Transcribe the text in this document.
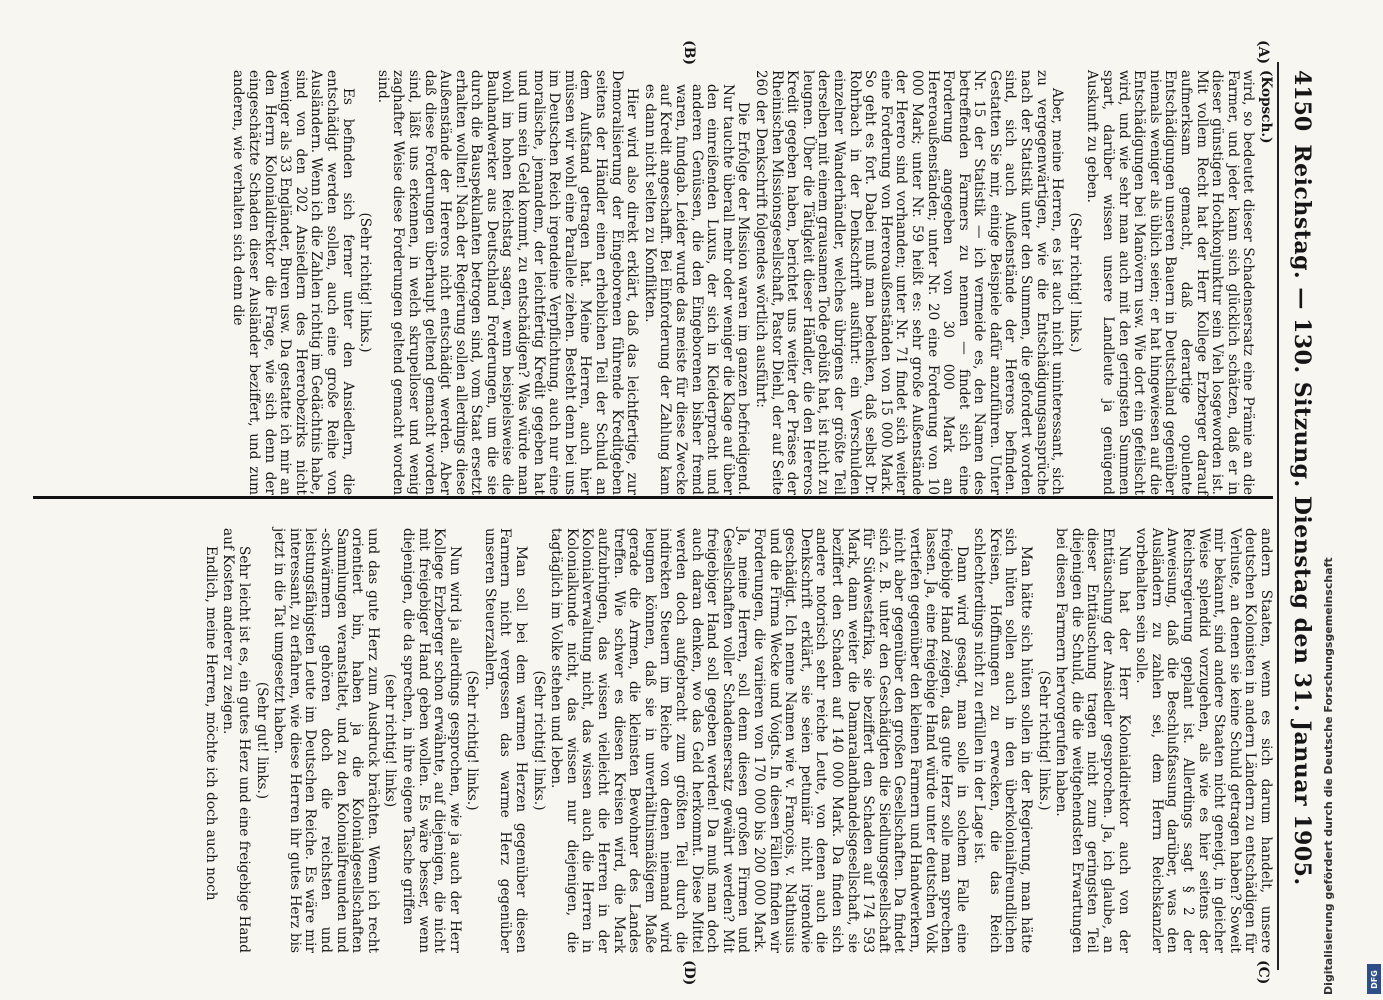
4150
Reichstag. — 130. Sitzung. Dienstag den 31. Januar 1905.
(A)
(B)
(C)
(D)

(Kopsch.)

wird, so bedeutet dieser Schadensersatz eine Prämie an die Farmer, und jeder kann sich glücklich schätzen, daß er in dieser günstigen Hochkonjunktur sein Vieh losgeworden ist. Mit vollem Recht hat der Herr Kollege Erzberger darauf aufmerksam gemacht, daß derartige opulente Entschädigungen unseren Bauern in Deutschland gegenüber niemals weniger als üblich seien; er hat hingewiesen auf die Entschädigungen bei Manövern usw. Wie dort ein gefeilscht wird, und wie sehr man auch mit den geringsten Summen spart, darüber wissen unsere Landleute ja genügend Auskunft zu geben.

(Sehr richtig! links.)

Aber, meine Herren, es ist auch nicht uninteressant, sich zu vergegenwärtigen, wie die Entschädigungsansprüche nach der Statistik unter den Summen, die gefordert worden sind, sich auch Außenstände der Hereros befinden. Gestatten Sie mir, einige Beispiele dafür anzuführen. Unter Nr. 15 der Statistik — ich vermeide es, den Namen des betreffenden Farmers zu nennen — findet sich eine Forderung angegeben von 30 000 Mark an Hereroaußenständen; unter Nr. 20 eine Forderung von 10 000 Mark; unter Nr. 59 heißt es: sehr große Außenstände der Herero sind vorhanden; unter Nr. 71 findet sich weiter eine Forderung von Hereroaußenständen von 15 000 Mark. So geht es fort. Dabei muß man bedenken, daß selbst Dr. Rohrbach in der Denkschrift ausführt: ein Verschulden einzelner Wanderhändler, welches übrigens der größte Teil derselben mit einem grausamen Tode gebüßt hat, ist nicht zu leugnen. Über die Tätigkeit dieser Händler, die den Hereros Kredit gegeben haben, berichtet uns weiter der Präses der Rheinischen Missionsgesellschaft, Pastor Diehl, der auf Seite 260 der Denkschrift folgendes wörtlich ausführt:

Die Erfolge der Mission waren im ganzen befriedigend. Nur tauchte überall mehr oder weniger die Klage auf über den einreißenden Luxus, der sich in Kleiderpracht und anderen Genüssen, die den Eingeborenen bisher fremd waren, fundgab. Leider wurde das meiste für diese Zwecke auf Kredit angeschafft. Bei Einforderung der Zahlung kam es dann nicht selten zu Konflikten.

Hier wird also direkt erklärt, daß das leichtfertige, zur Demoralisierung der Eingeborenen führende Kreditgeben seitens der Händler einen erheblichen Teil der Schuld an dem Aufstand getragen hat. Meine Herren, auch hier müssen wir wohl eine Parallele ziehen. Besteht denn bei uns im Deutschen Reich irgendeine Verpflichtung, auch nur eine moralische, jemandem, der leichtfertig Kredit gegeben hat und um sein Geld kommt, zu entschädigen? Was würde man wohl im hohen Reichstag sagen, wenn beispielsweise die Bauhandwerker aus Deutschland Forderungen, um die sie durch die Bauspekulanten betrogen sind, vom Staat ersetzt erhalten wollten! Nach der Regierung sollen allerdings diese Außenstände der Hereros nicht entschädigt werden. Aber daß diese Forderungen überhaupt geltend gemacht worden sind, läßt uns erkennen, in welch skrupelloser und wenig zaghafter Weise diese Forderungen geltend gemacht worden sind.

(Sehr richtig! links.)

Es befinden sich ferner unter den Ansiedlern, die entschädigt werden sollen, auch eine große Reihe von Ausländern. Wenn ich die Zahlen richtig im Gedächtnis habe, sind von den 202 Ansiedlern des Hererobezirks nicht weniger als 33 Engländer, Buren usw. Da gestatte ich mir an den Herrn Kolonialdirektor die Frage, wie sich denn der eingeschätzte Schaden dieser Ausländer beziffert, und zum anderen, wie verhalten sich denn die

andern Staaten, wenn es sich darum handelt, unsere deutschen Kolonisten in andern Ländern zu entschädigen für Verluste, an denen sie keine Schuld getragen haben? Soweit mir bekannt, sind andere Staaten nicht geneigt, in gleicher Weise splendid vorzugehen, als wie es hier seitens der Reichsregierung geplant ist. Allerdings sagt § 2 der Anweisung, daß die Beschlußfassung darüber, was den Ausländern zu zahlen sei, dem Herrn Reichskanzler vorbehalten sein solle.

Nun hat der Herr Kolonialdirektor auch von der Enttäuschung der Ansiedler gesprochen. Ja, ich glaube, an dieser Enttäuschung tragen nicht zum geringsten Teil diejenigen die Schuld, die die weitgehendsten Erwartungen bei diesen Farmern hervorgerufen haben.

(Sehr richtig! links.)

Man hätte sich hüten sollen in der Regierung, man hätte sich hüten sollen auch in den überkolonialfreundlichen Kreisen, Hoffnungen zu erwecken, die das Reich schlechterdings nicht zu erfüllen in der Lage ist.

Dann wird gesagt, man solle in solchem Falle eine freigebige Hand zeigen, das gute Herz solle man sprechen lassen. Ja, eine freigebige Hand würde unter deutschen Volk vertiefen gegenüber den kleinen Farmern und Handwerkern, nicht aber gegenüber den großen Gesellschaften. Da findet sich z. B. unter den Geschädigten die Siedlungsgesellschaft für Südwestafrika, sie beziffert den Schaden auf 174 593 Mark, dann weiter die Damaralandhandelsgesellschaft, sie beziffert den Schaden auf 140 000 Mark. Da finden sich andere notorisch sehr reiche Leute, von denen auch die Denkschrift erklärt, sie seien petuniär nicht irgendwie geschädigt. Ich nenne Namen wie v. François, v. Nathusius und die Firma Wecke und Voigts. In diesen Fällen finden wir Forderungen, die variieren von 170 000 bis 200 000 Mark. Ja, meine Herren, soll denn diesen großen Firmen und Gesellschaften voller Schadensersatz gewährt werden? Mit freigebiger Hand soll gegeben werden! Da muß man doch auch daran denken, wo das Geld herkommt. Diese Mittel werden doch aufgebracht zum größten Teil durch die indirekten Steuern im Reiche von denen niemand wird leugnen können, daß sie in unverhältnismäßigem Maße gerade die Armen, die kleinsten Bewohner des Landes treffen. Wie schwer es diesen Kreisen wird, die Mark aufzubringen, das wissen vielleicht die Herren in der Kolonialverwaltung nicht, das wissen auch die Herren in Kolonialkunde nicht, das wissen nur diejenigen, die tagtäglich im Volke stehen und leben.

(Sehr richtig! links.)

Man soll bei dem warmen Herzen gegenüber diesen Farmern nicht vergessen das warme Herz gegenüber unseren Steuerzahlern.

(Sehr richtig! links.)

Nun wird ja allerdings gesprochen, wie ja auch der Herr Kollege Erzberger schon erwähnte, auf diejenigen, die nicht mit freigebiger Hand geben wollen. Es wäre besser, wenn diejenigen, die da sprechen, in ihre eigene Tasche griffen

(sehr richtig! links)

und das gute Herz zum Ausdruck brächten. Wenn ich recht orientiert bin, haben ja die Kolonialgesellschaften Sammlungen veranstaltet, und zu den Kolonialfreunden und -schwärmern gehören doch die reichsten und leistungsfähigsten Leute im Deutschen Reiche. Es wäre mir interessant, zu erfahren, wie diese Herren ihr gutes Herz bis jetzt in die Tat umgesetzt haben.

(Sehr gut! links.)

Sehr leicht ist es, ein gutes Herz und eine freigebige Hand auf Kosten anderer zu zeigen.

Endlich, meine Herren, möchte ich doch auch noch	Digitalisierung gefördert durch die Deutsche Forschungsgemeinschaft	DFG
